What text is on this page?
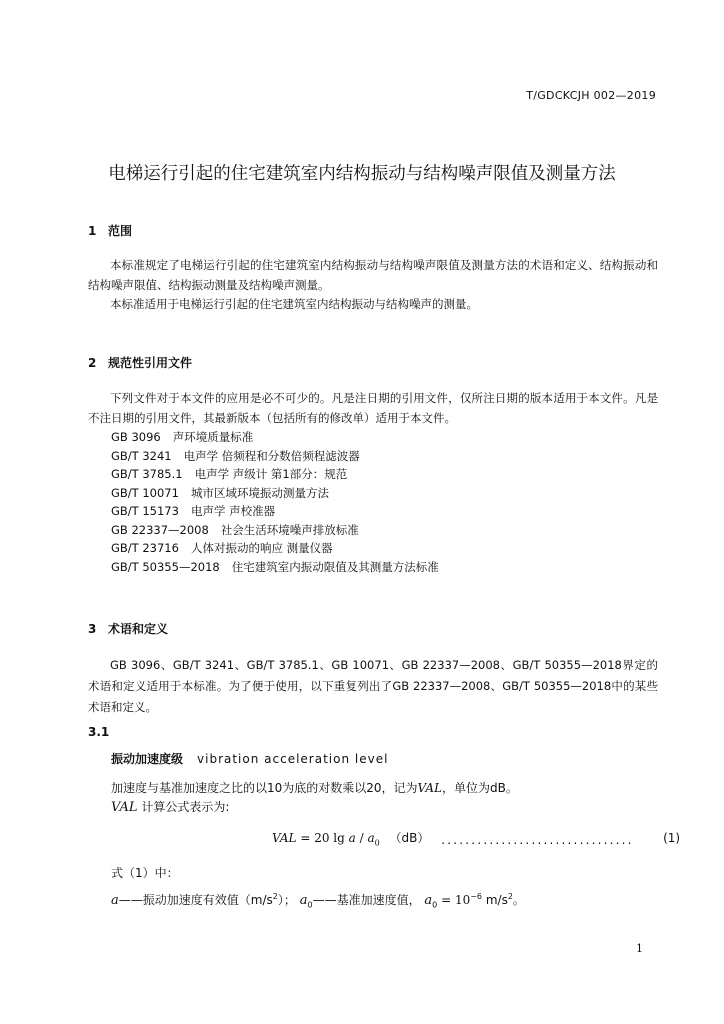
T/GDCKCJH 002—2019
电梯运行引起的住宅建筑室内结构振动与结构噪声限值及测量方法
1 范围
本标准规定了电梯运行引起的住宅建筑室内结构振动与结构噪声限值及测量方法的术语和定义、结构振动和结构噪声限值、结构振动测量及结构噪声测量。
本标准适用于电梯运行引起的住宅建筑室内结构振动与结构噪声的测量。
2 规范性引用文件
下列文件对于本文件的应用是必不可少的。凡是注日期的引用文件，仅所注日期的版本适用于本文件。凡是不注日期的引用文件，其最新版本（包括所有的修改单）适用于本文件。
GB 3096 声环境质量标准
GB/T 3241 电声学 倍频程和分数倍频程滤波器
GB/T 3785.1 电声学 声级计 第1部分：规范
GB/T 10071 城市区域环境振动测量方法
GB/T 15173 电声学 声校准器
GB 22337—2008 社会生活环境噪声排放标准
GB/T 23716 人体对振动的响应 测量仪器
GB/T 50355—2018 住宅建筑室内振动限值及其测量方法标准
3 术语和定义
GB 3096、GB/T 3241、GB/T 3785.1、GB 10071、GB 22337—2008、GB/T 50355—2018界定的术语和定义适用于本标准。为了便于使用，以下重复列出了GB 22337—2008、GB/T 50355—2018中的某些术语和定义。
3.1
振动加速度级 vibration acceleration level
加速度与基准加速度之比的以10为底的对数乘以20，记为VAL，单位为dB。
VAL 计算公式表示为:
VAL = 20 lg a / $a_0$ （dB） ................................ (1)
式（1）中：
a——振动加速度有效值$(m/s^2)$； $a_0——$基准加速度值， $a_0 = 10^{-6}$ $m/s^2$。
1
